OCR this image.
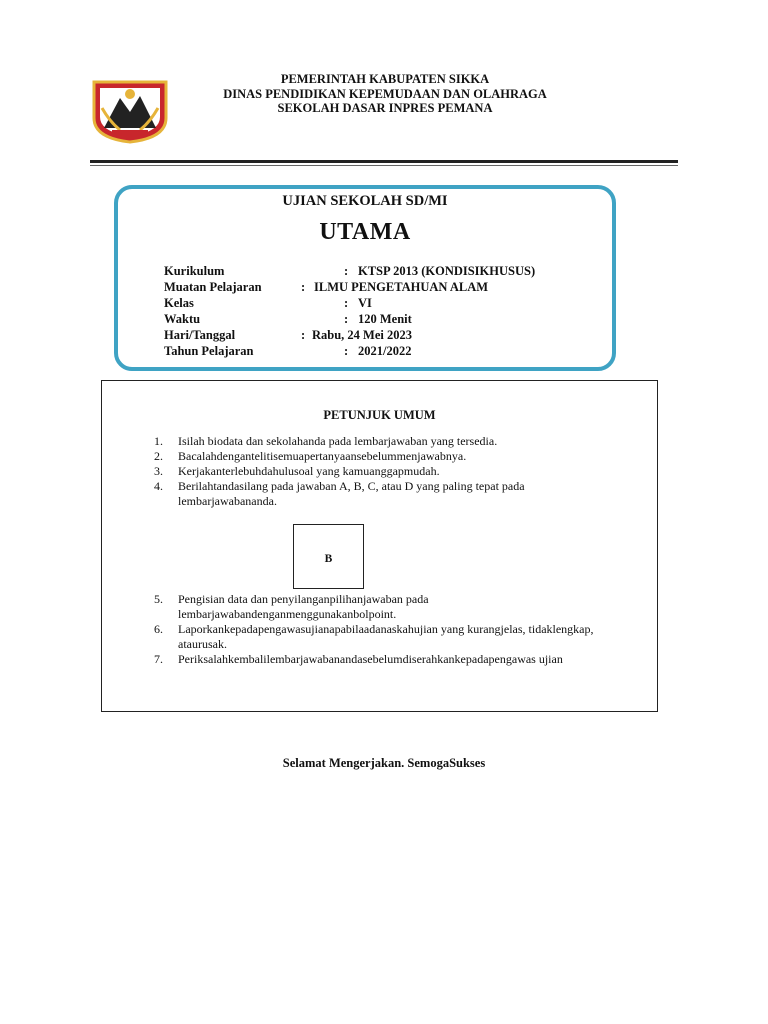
PEMERINTAH KABUPATEN SIKKA
DINAS PENDIDIKAN KEPEMUDAAN DAN OLAHRAGA
SEKOLAH DASAR INPRES PEMANA
UJIAN SEKOLAH SD/MI
UTAMA
Kurikulum	: KTSP 2013 (KONDISIKHUSUS)
Muatan Pelajaran	: ILMU PENGETAHUAN ALAM
Kelas	: VI
Waktu	: 120 Menit
Hari/Tanggal	: Rabu, 24 Mei 2023
Tahun Pelajaran	: 2021/2022
PETUNJUK UMUM
1. Isilah biodata dan sekolahanda pada lembarjawaban yang tersedia.
2. Bacalahdengantelitisemuapertanyaansebelummenjawabnya.
3. Kerjakanterlebuhdahulusoal yang kamuanggapmudah.
4. Berilahtandasilang pada jawaban A, B, C, atau D yang paling tepat pada lembarjawabananda.
B
5. Pengisian data dan penyilanganpilihanjawaban pada lembarjawabandenganmenggunakanbolpoint.
6. Laporkankepadapengawasujianapabilaadanaskahujian yang kurangjelas, tidaklengkap, ataurusak.
7. Periksalahkembalilembarjawabanandasebelumdiserahkankepadapengawas ujian
Selamat Mengerjakan. SemogaSukses
